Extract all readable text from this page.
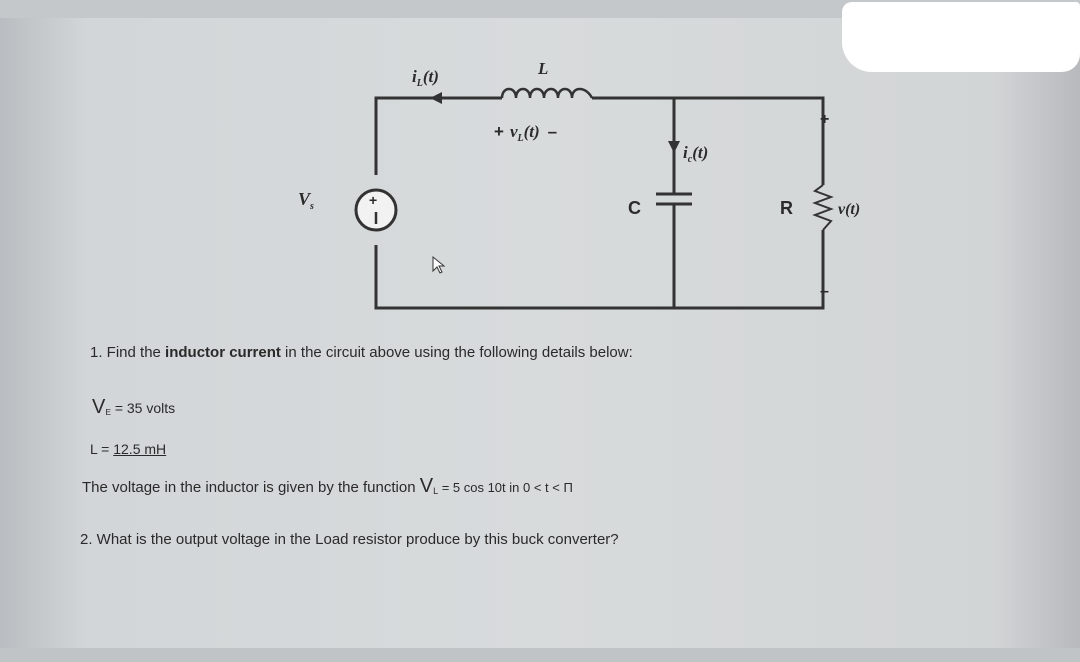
+
$V_s$
$i_L(t)$	L
+ $v_L(t)$ –
$i_c(t)$
C	R	v(t)
+
–

1. Find the inductor current in the circuit above using the following details below:

$V_E = 35$ volts

L = 12.5 mH

The voltage in the inductor is given by the function $V_L = 5$ cos 10t in 0 < t < Π

2. What is the output voltage in the Load resistor produce by this buck converter?
